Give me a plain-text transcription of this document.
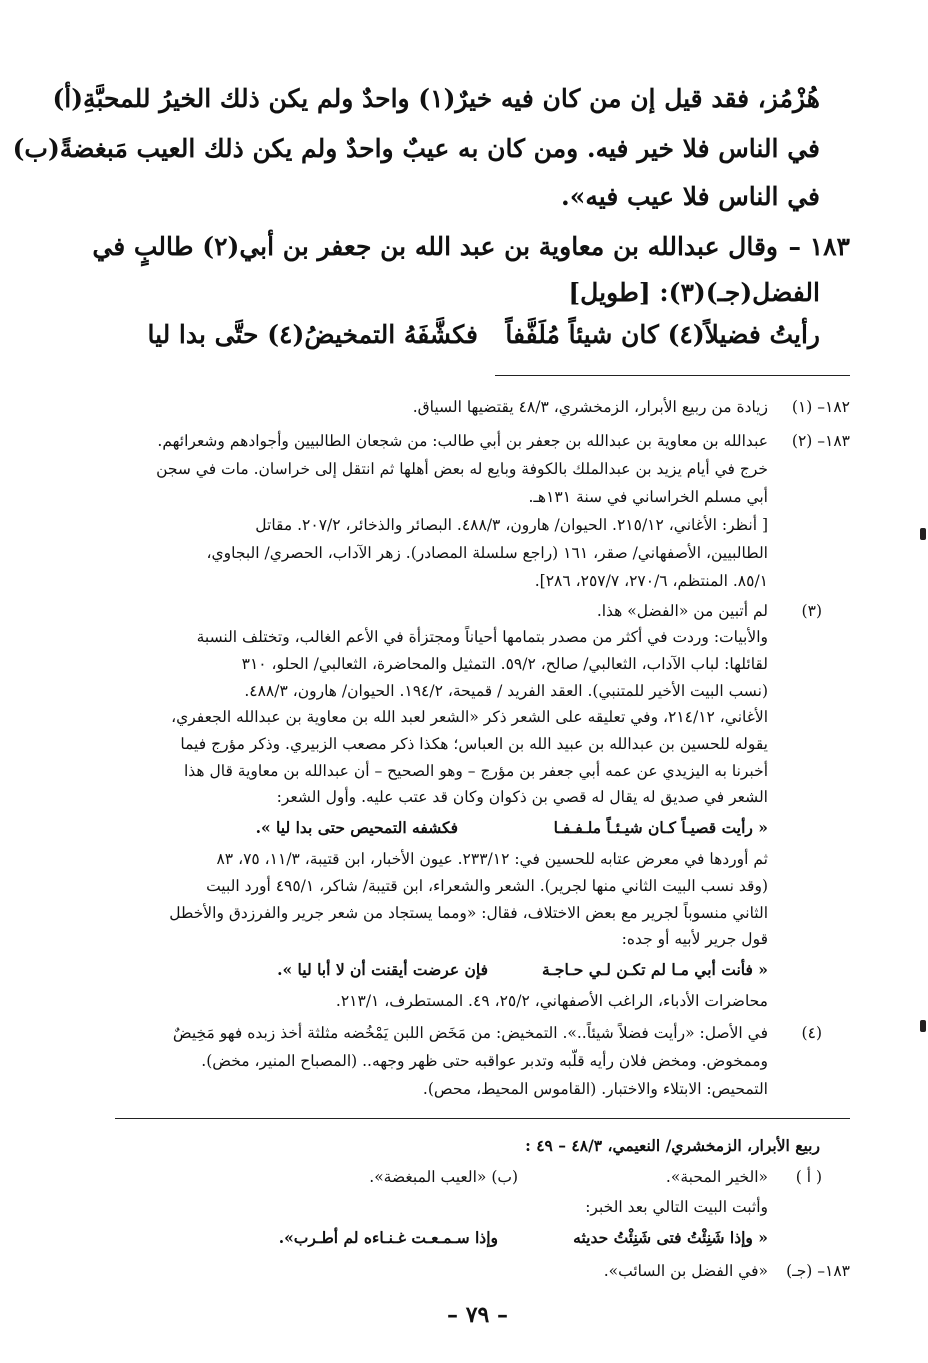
هُزْمُز، فقد قيل إن من كان فيه خيرٌ(١) واحدٌ ولم يكن ذلك الخيرُ للمحبَّةِ(أ)
في الناس فلا خير فيه. ومن كان به عيبٌ واحدٌ ولم يكن ذلك العيب مَبغضةً(ب)
في الناس فلا عيب فيه».
١٨٣ –
وقال عبدالله بن معاوية بن عبد الله بن جعفر بن أبي(٢) طالبٍ في
الفضل(جـ)(٣): [طويل]
رأيتُ فضيلاً(٤) كان شيئاً مُلَفَّفاً
فكشَّفَهُ التمخيضُ(٤) حتَّى بدا ليا
١٨٢– (١)
زيادة من ربيع الأبرار، الزمخشري، ٤٨/٣ يقتضيها السياق.
١٨٣– (٢)
عبدالله بن معاوية بن عبدالله بن جعفر بن أبي طالب: من شجعان الطالبيين وأجوادهم وشعرائهم.
خرج في أيام يزيد بن عبدالملك بالكوفة وبايع له بعض أهلها ثم انتقل إلى خراسان. مات في سجن
أبي مسلم الخراساني في سنة ١٣١هـ.
[ أنظر: الأغاني، ٢١٥/١٢. الحيوان/ هارون، ٤٨٨/٣. البصائر والذخائر، ٢٠٧/٢. مقاتل
الطالبيين، الأصفهاني/ صقر، ١٦١ (راجع سلسلة المصادر). زهر الآداب، الحصري/ البجاوي،
٨٥/١. المنتظم، ٢٧٠/٦، ٢٥٧/٧، ٢٨٦].
(٣)
لم أتبين من «الفضل» هذا.
والأبيات: وردت في أكثر من مصدر بتمامها أحياناً ومجتزأة في الأعم الغالب، وتختلف النسبة
لقائلها: لباب الآداب، الثعالبي/ صالح، ٥٩/٢. التمثيل والمحاضرة، الثعالبي/ الحلو، ٣١٠
(نسب البيت الأخير للمتنبي). العقد الفريد / قميحة، ١٩٤/٢. الحيوان/ هارون، ٤٨٨/٣.
الأغاني، ٢١٤/١٢، وفي تعليقه على الشعر ذكر «الشعر لعبد الله بن معاوية بن عبدالله الجعفري،
يقوله للحسين بن عبدالله بن عبيد الله بن العباس؛ هكذا ذكر مصعب الزبيري. وذكر مؤرج فيما
أخبرنا به اليزيدي عن عمه أبي جعفر بن مؤرج – وهو الصحيح – أن عبدالله بن معاوية قال هذا
الشعر في صديق له يقال له قصي بن ذكوان وكان قد عتب عليه. وأول الشعر:
« رأيت قصيـاً كـان شيـئـاً ملـفـفـا
فكشفه التمحيص حتى بدا ليا ».
ثم أوردها في معرض عتابه للحسين في: ٢٣٣/١٢. عيون الأخبار، ابن قتيبة، ١١/٣، ٧٥، ٨٣
(وقد نسب البيت الثاني منها لجرير). الشعر والشعراء، ابن قتيبة/ شاكر، ٤٩٥/١ أورد البيت
الثاني منسوباً لجرير مع بعض الاختلاف، فقال: «ومما يستجاد من شعر جرير والفرزدق والأخطل
قول جرير لأبيه أو جده:
« فأنت أبي مـا لم تكـن لـي حـاجـة
فإن عرضت أيقنت أن لا أبا ليا ».
محاضرات الأدباء، الراغب الأصفهاني، ٢٥/٢، ٤٩. المستطرف، ٢١٣/١.
(٤)
في الأصل: «رأيت فضلاً شيئاً..». التمخيض: من مَخَض اللبن يَمْخُضه مثلثة أخذ زبده فهو مَخِيضٌ
وممخوض. ومخض فلان رأيه قلّبه وتدبر عواقبه حتى ظهر وجهه.. (المصباح المنير، مخض).
التمحيص: الابتلاء والاختبار. (القاموس المحيط، محص).
ربيع الأبرار، الزمخشري/ النعيمي، ٤٨/٣ – ٤٩ :
( أ )
«الخير المحبة».
(ب) «العيب المبغضة».
وأثبت البيت التالي بعد الخبر:
« وإذا شَنِئْتُ فتى شَنِئْتُ حديثه
وإذا سـمـعـت غـنـاءه لم أطـرب».
١٨٣– (جـ)
«في الفضل بن السائب».
– ٧٩ –
